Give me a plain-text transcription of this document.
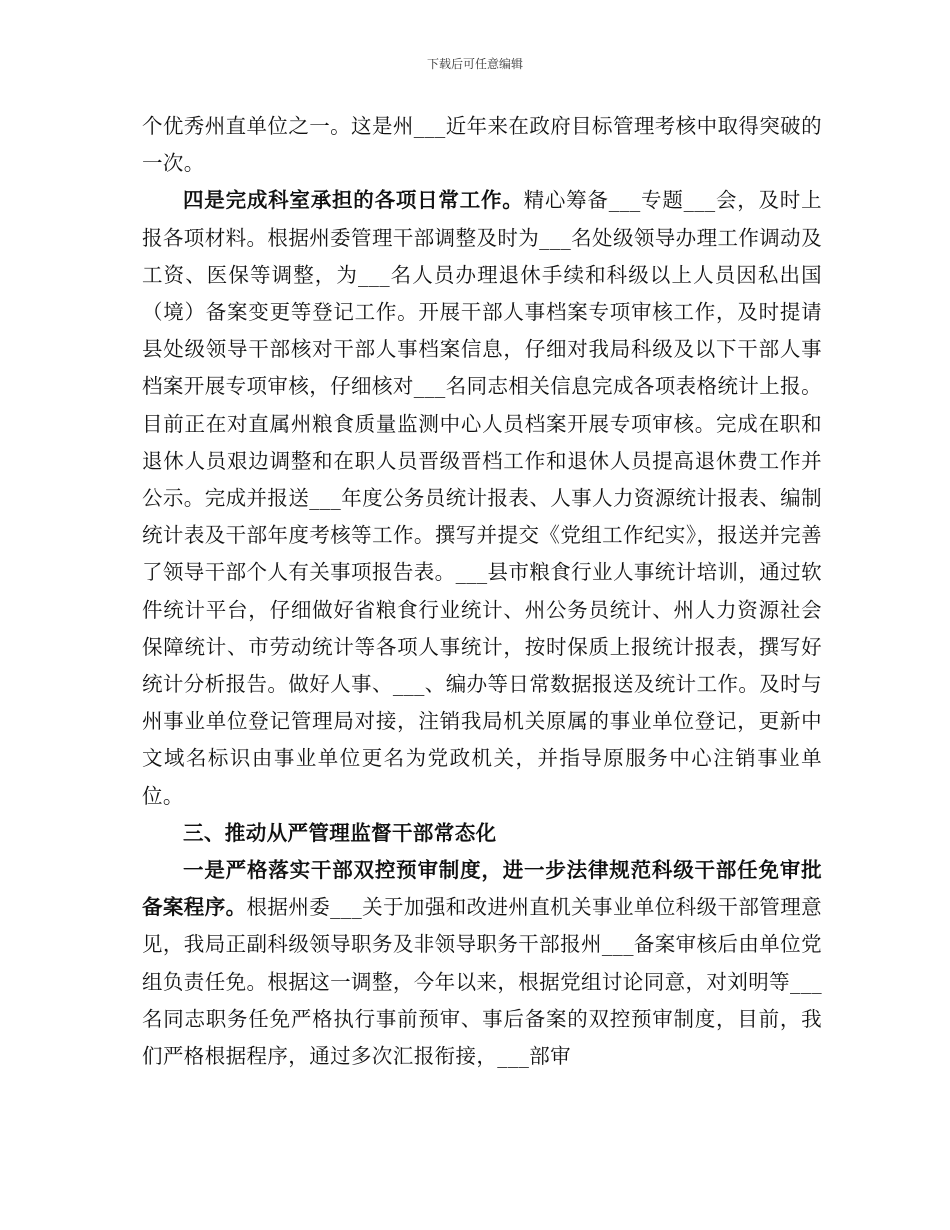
下载后可任意编辑

个优秀州直单位之一。这是州___近年来在政府目标管理考核中取得突破的一次。

四是完成科室承担的各项日常工作。精心筹备___专题___会，及时上报各项材料。根据州委管理干部调整及时为___名处级领导办理工作调动及工资、医保等调整，为___名人员办理退休手续和科级以上人员因私出国（境）备案变更等登记工作。开展干部人事档案专项审核工作，及时提请县处级领导干部核对干部人事档案信息，仔细对我局科级及以下干部人事档案开展专项审核，仔细核对___名同志相关信息完成各项表格统计上报。目前正在对直属州粮食质量监测中心人员档案开展专项审核。完成在职和退休人员艰边调整和在职人员晋级晋档工作和退休人员提高退休费工作并公示。完成并报送___年度公务员统计报表、人事人力资源统计报表、编制统计表及干部年度考核等工作。撰写并提交《党组工作纪实》，报送并完善了领导干部个人有关事项报告表。___县市粮食行业人事统计培训，通过软件统计平台，仔细做好省粮食行业统计、州公务员统计、州人力资源社会保障统计、市劳动统计等各项人事统计，按时保质上报统计报表，撰写好统计分析报告。做好人事、___、编办等日常数据报送及统计工作。及时与州事业单位登记管理局对接，注销我局机关原属的事业单位登记，更新中文域名标识由事业单位更名为党政机关，并指导原服务中心注销事业单位。

三、推动从严管理监督干部常态化

一是严格落实干部双控预审制度，进一步法律规范科级干部任免审批备案程序。根据州委___关于加强和改进州直机关事业单位科级干部管理意见，我局正副科级领导职务及非领导职务干部报州___备案审核后由单位党组负责任免。根据这一调整，今年以来，根据党组讨论同意，对刘明等___名同志职务任免严格执行事前预审、事后备案的双控预审制度，目前，我们严格根据程序，通过多次汇报衔接，___部审
